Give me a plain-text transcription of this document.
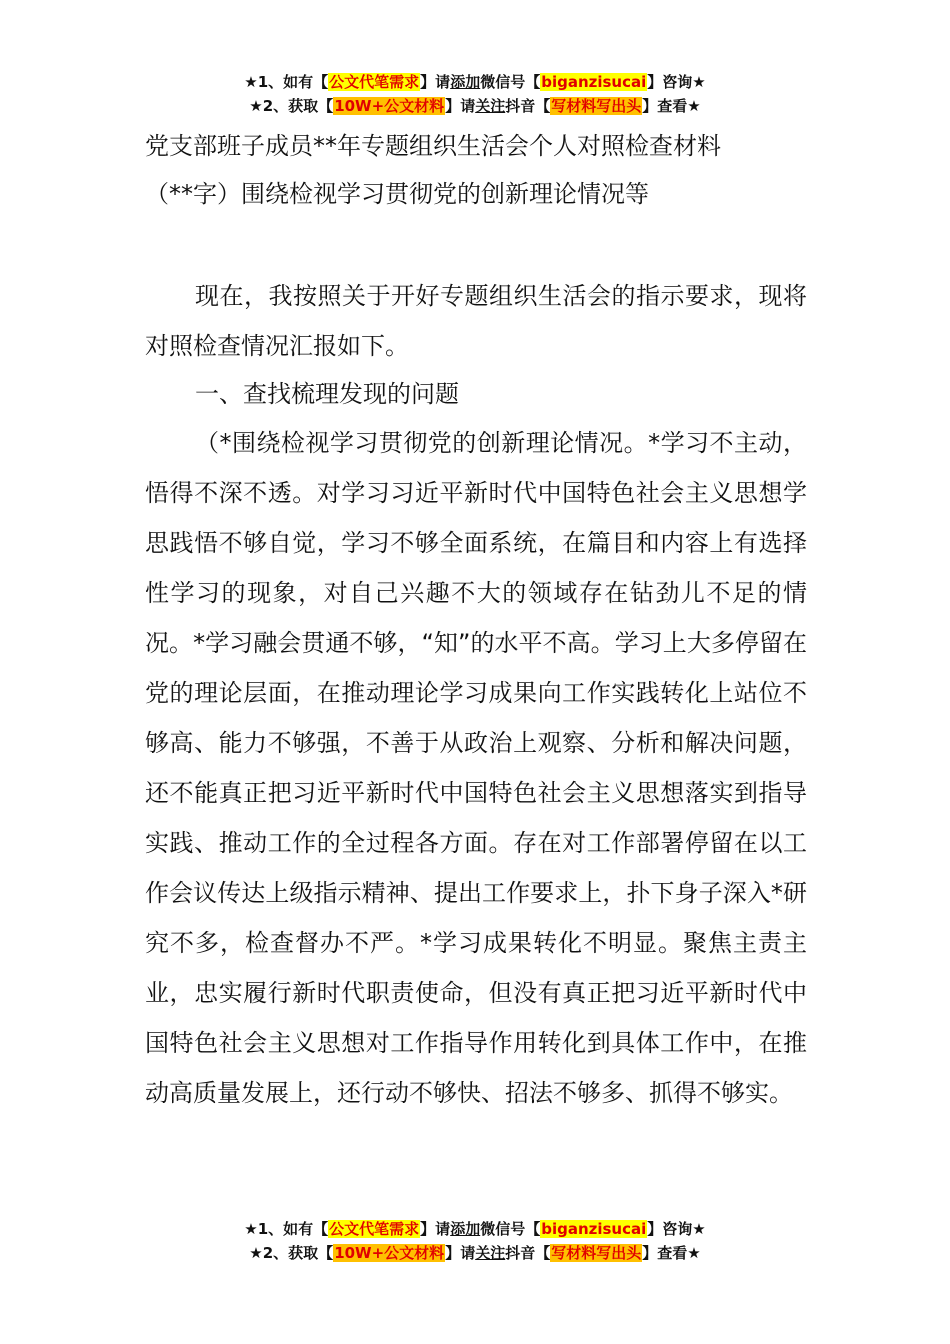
★1、如有【公文代笔需求】请添加微信号【biganzisucai】咨询★
★2、获取【10W+公文材料】请关注抖音【写材料写出头】查看★
党支部班子成员**年专题组织生活会个人对照检查材料
（**字）围绕检视学习贯彻党的创新理论情况等

现在，我按照关于开好专题组织生活会的指示要求，现将对照检查情况汇报如下。

一、查找梳理发现的问题

（*围绕检视学习贯彻党的创新理论情况。*学习不主动，悟得不深不透。对学习习近平新时代中国特色社会主义思想学思践悟不够自觉，学习不够全面系统，在篇目和内容上有选择性学习的现象，对自己兴趣不大的领域存在钻劲儿不足的情况。*学习融会贯通不够，“知”的水平不高。学习上大多停留在党的理论层面，在推动理论学习成果向工作实践转化上站位不够高、能力不够强，不善于从政治上观察、分析和解决问题，还不能真正把习近平新时代中国特色社会主义思想落实到指导实践、推动工作的全过程各方面。存在对工作部署停留在以工作会议传达上级指示精神、提出工作要求上，扑下身子深入*研究不多，检查督办不严。*学习成果转化不明显。聚焦主责主业，忠实履行新时代职责使命，但没有真正把习近平新时代中国特色社会主义思想对工作指导作用转化到具体工作中，在推动高质量发展上，还行动不够快、招法不够多、抓得不够实。

★1、如有【公文代笔需求】请添加微信号【biganzisucai】咨询★
★2、获取【10W+公文材料】请关注抖音【写材料写出头】查看★
